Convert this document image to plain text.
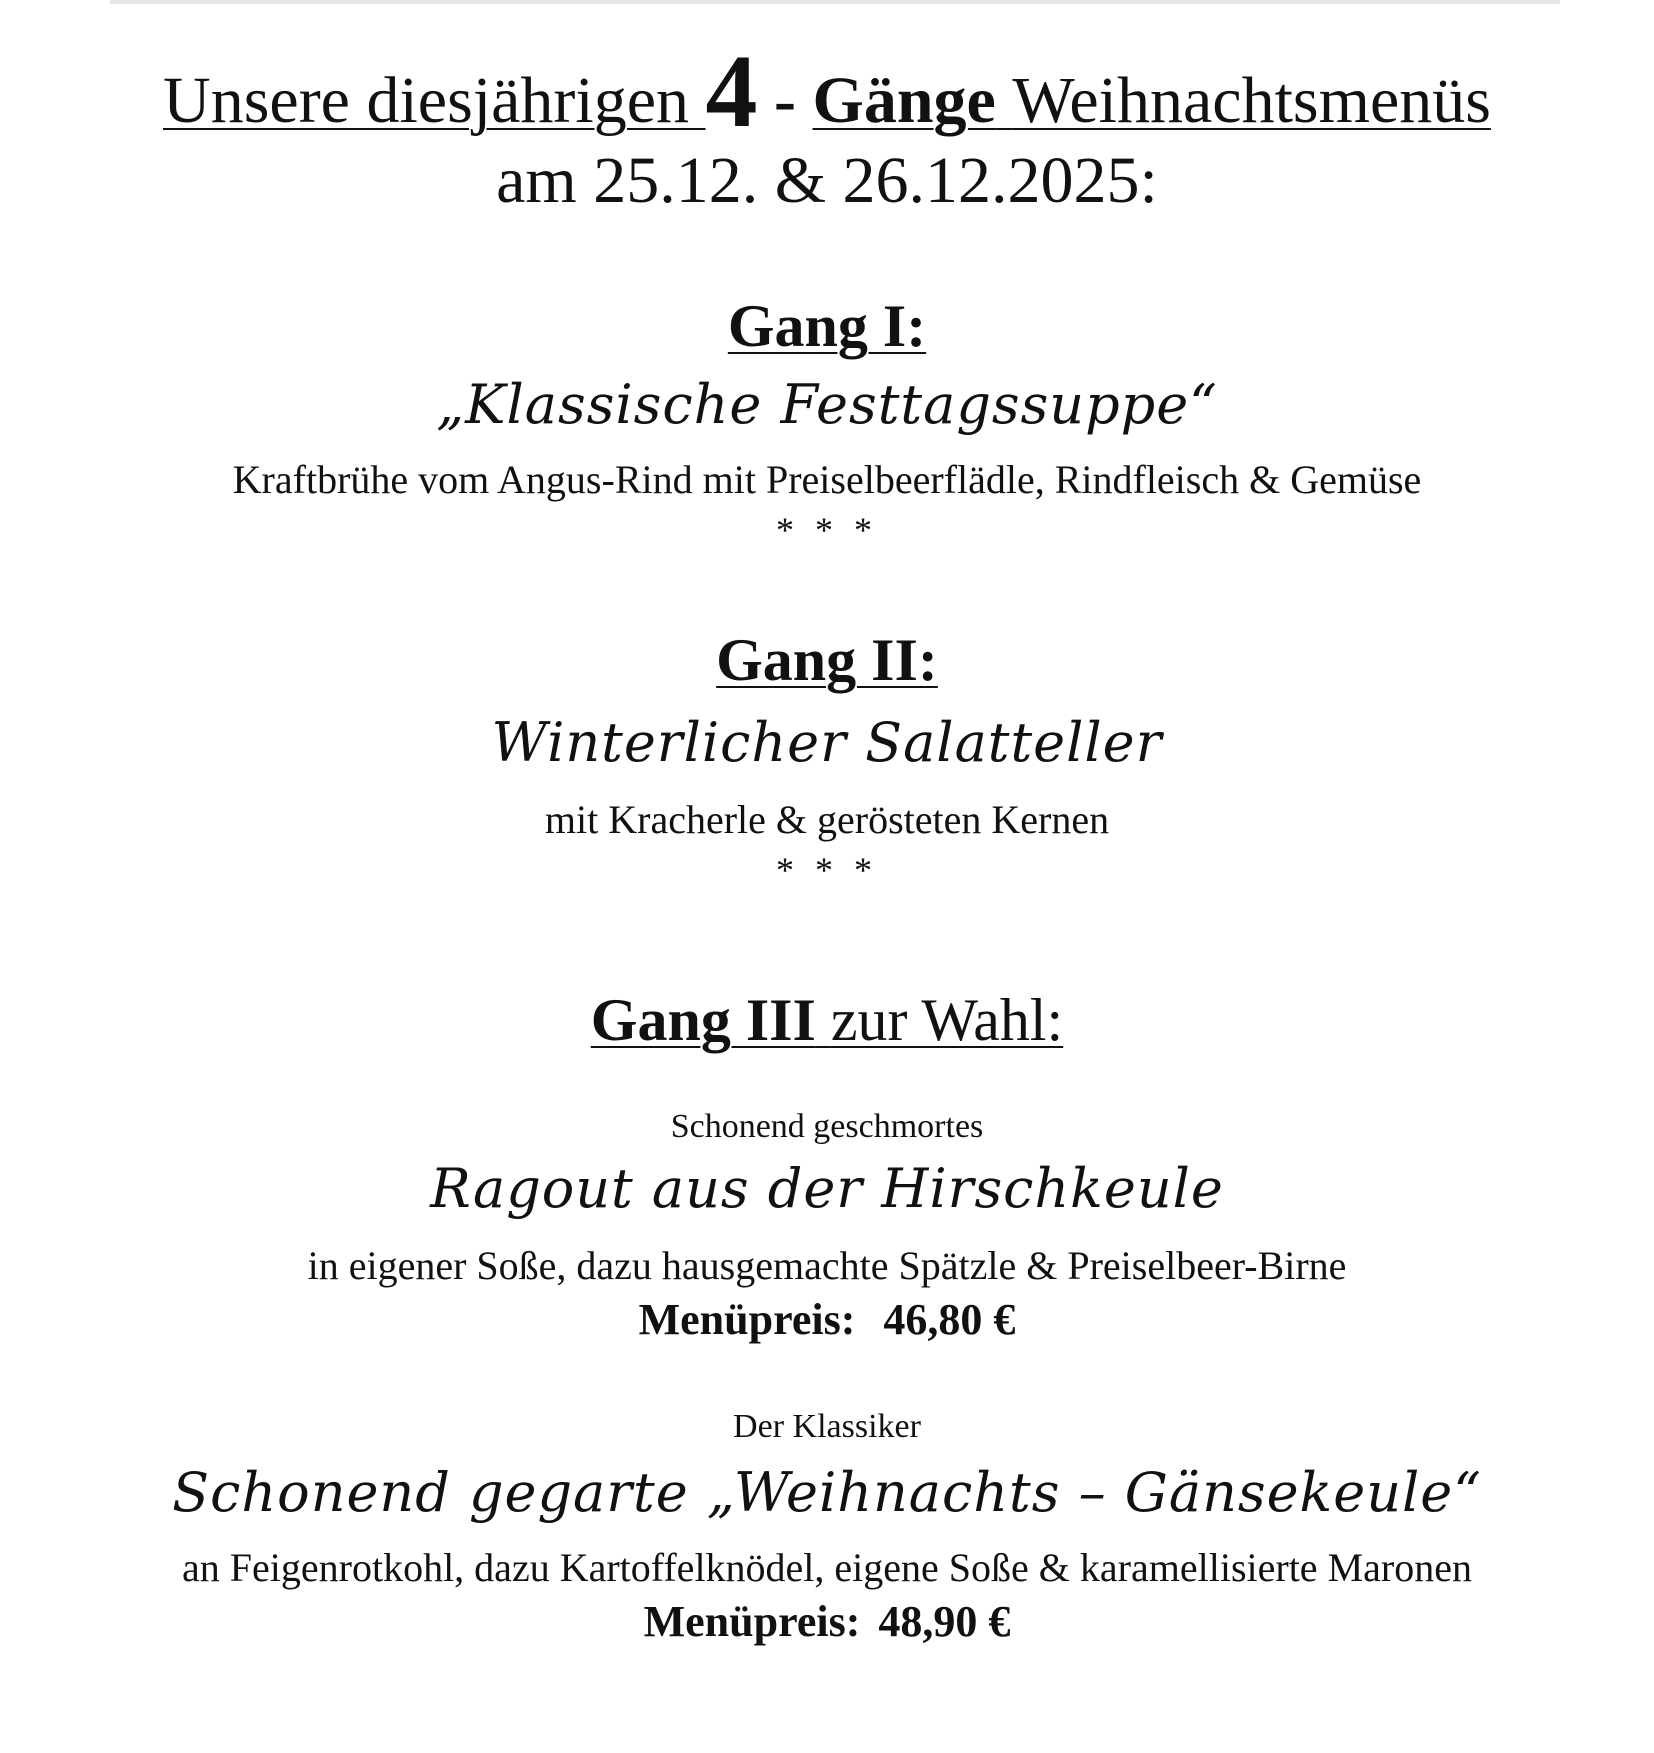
Unsere diesjährigen 4 - Gänge Weihnachtsmenüs
am 25.12. & 26.12.2025:
Gang I:
„Klassische Festtagssuppe“
Kraftbrühe vom Angus-Rind mit Preiselbeerflädle, Rindfleisch & Gemüse
* * *
Gang II:
Winterlicher Salatteller
mit Kracherle & gerösteten Kernen
* * *
Gang III zur Wahl:
Schonend geschmortes
Ragout aus der Hirschkeule
in eigener Soße, dazu hausgemachte Spätzle & Preiselbeer-Birne
Menüpreis: 46,80 €
Der Klassiker
Schonend gegarte „Weihnachts – Gänsekeule“
an Feigenrotkohl, dazu Kartoffelknödel, eigene Soße & karamellisierte Maronen
Menüpreis: 48,90 €
